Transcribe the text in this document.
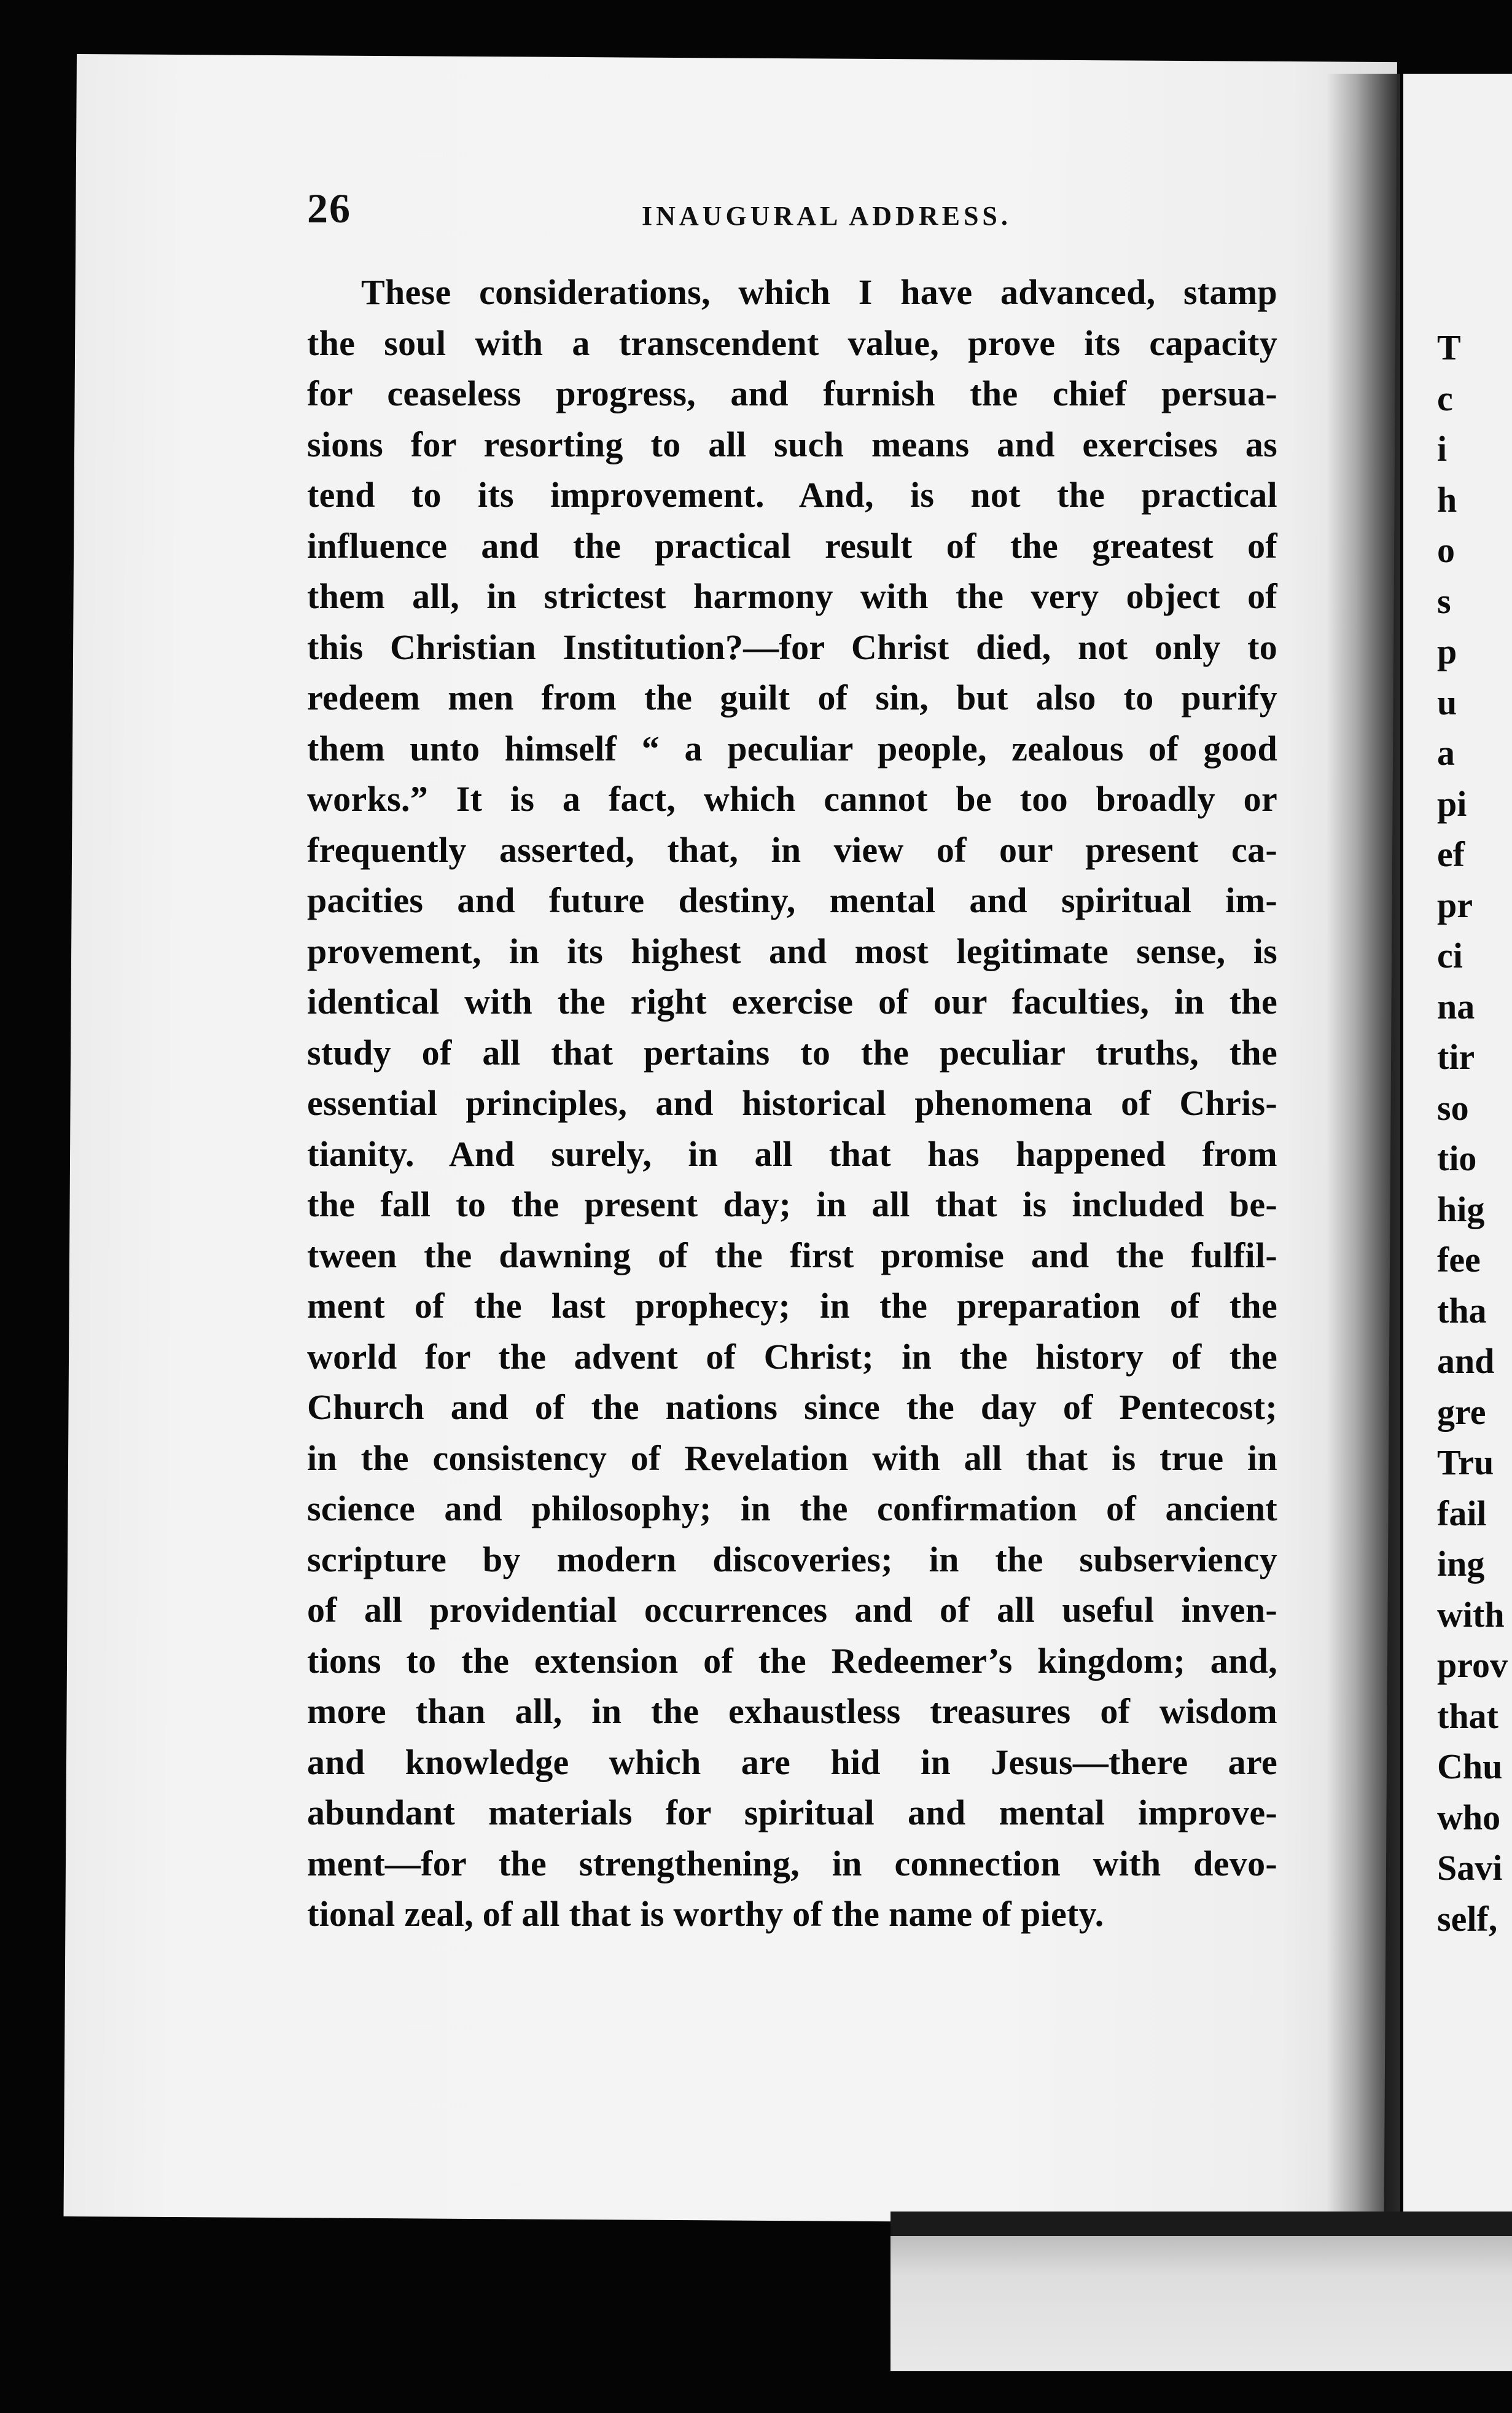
26	INAUGURAL ADDRESS.
These considerations, which I have advanced, stamp
the soul with a transcendent value, prove its capacity
for ceaseless progress, and furnish the chief persua-
sions for resorting to all such means and exercises as
tend to its improvement. And, is not the practical
influence and the practical result of the greatest of
them all, in strictest harmony with the very object of
this Christian Institution?—for Christ died, not only to
redeem men from the guilt of sin, but also to purify
them unto himself “ a peculiar people, zealous of good
works.” It is a fact, which cannot be too broadly or
frequently asserted, that, in view of our present ca-
pacities and future destiny, mental and spiritual im-
provement, in its highest and most legitimate sense, is
identical with the right exercise of our faculties, in the
study of all that pertains to the peculiar truths, the
essential principles, and historical phenomena of Chris-
tianity. And surely, in all that has happened from
the fall to the present day; in all that is included be-
tween the dawning of the first promise and the fulfil-
ment of the last prophecy; in the preparation of the
world for the advent of Christ; in the history of the
Church and of the nations since the day of Pentecost;
in the consistency of Revelation with all that is true in
science and philosophy; in the confirmation of ancient
scripture by modern discoveries; in the subserviency
of all providential occurrences and of all useful inven-
tions to the extension of the Redeemer’s kingdom; and,
more than all, in the exhaustless treasures of wisdom
and knowledge which are hid in Jesus—there are
abundant materials for spiritual and mental improve-
ment—for the strengthening, in connection with devo-
tional zeal, of all that is worthy of the name of piety.
T
c
i
h
o
s
p
u
a
pi
ef
pr
ci
na
tir
so
tio
hig
fee
tha
and
gre
Tru
fail
ing
with
prov
that
Chu
who
Savi
self,
